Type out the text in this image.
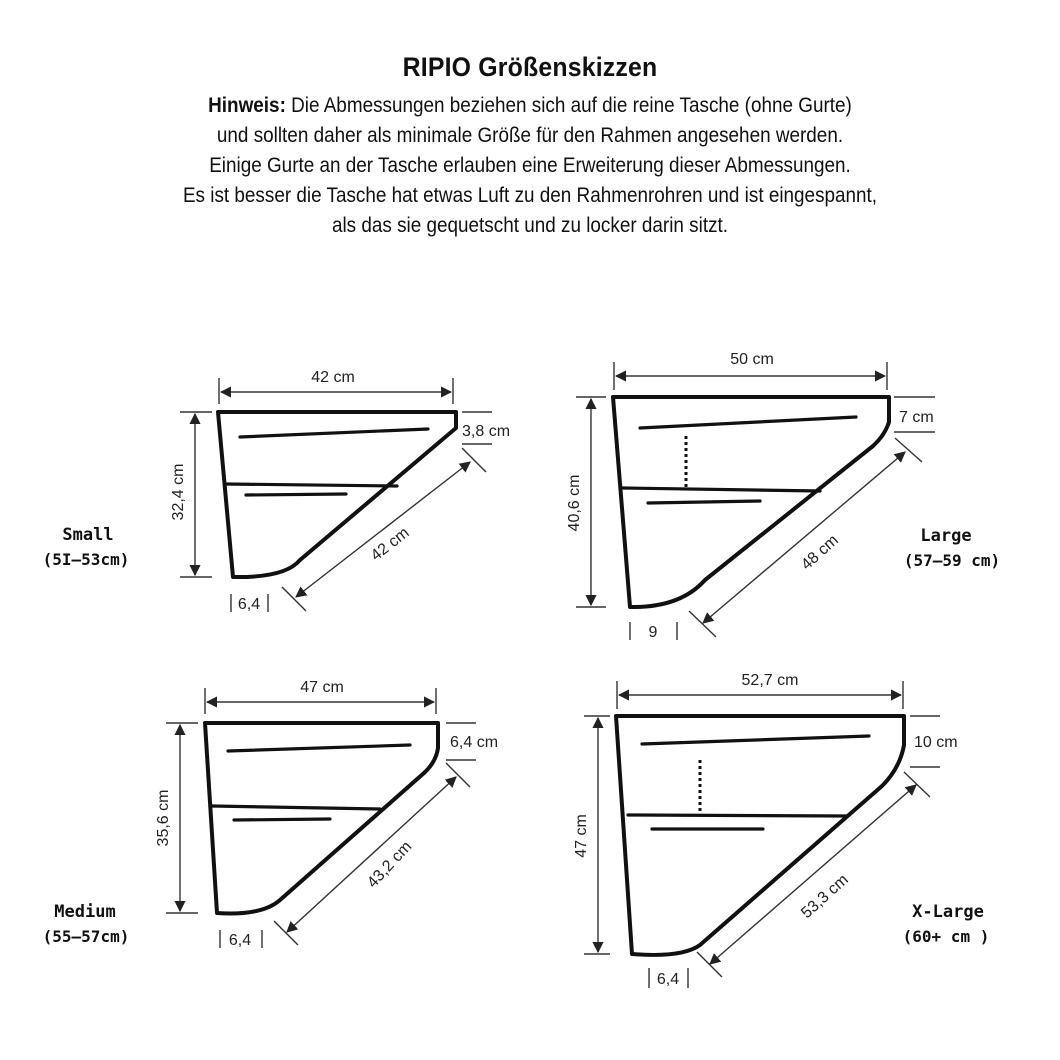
RIPIO Größenskizzen
Hinweis: Die Abmessungen beziehen sich auf die reine Tasche (ohne Gurte)
und sollten daher als minimale Größe für den Rahmen angesehen werden.
Einige Gurte an der Tasche erlauben eine Erweiterung dieser Abmessungen.
Es ist besser die Tasche hat etwas Luft zu den Rahmenrohren und ist eingespannt,
als das sie gequetscht und zu locker darin sitzt.
42 cm
3,8 cm
32,4 cm
42 cm
6,4
Small
(5I–53cm)
50 cm
7 cm
40,6 cm
48 cm
9
Large
(57–59 cm)
47 cm
6,4 cm
35,6 cm
43,2 cm
6,4
Medium
(55–57cm)
52,7 cm
10 cm
47 cm
53,3 cm
6,4
X-Large
(60+ cm )
